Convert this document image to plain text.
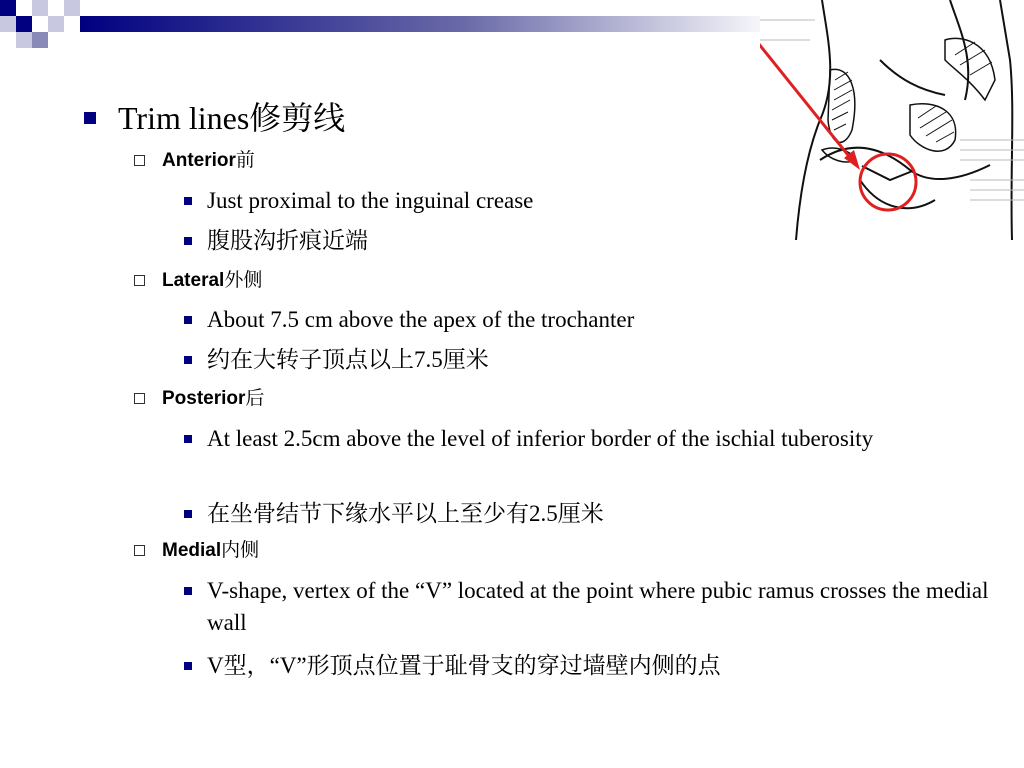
Trim lines修剪线
Anterior前
Just proximal to the inguinal crease
腹股沟折痕近端
Lateral外侧
About 7.5 cm above the apex of the trochanter
约在大转子顶点以上7.5厘米
Posterior后
At least 2.5cm above the level of inferior border of the ischial tuberosity
在坐骨结节下缘水平以上至少有2.5厘米
Medial内侧
V-shape, vertex of the “V” located at the point where pubic ramus crosses the medial wall
V型，“V”形顶点位置于耻骨支的穿过墙壁内侧的点
